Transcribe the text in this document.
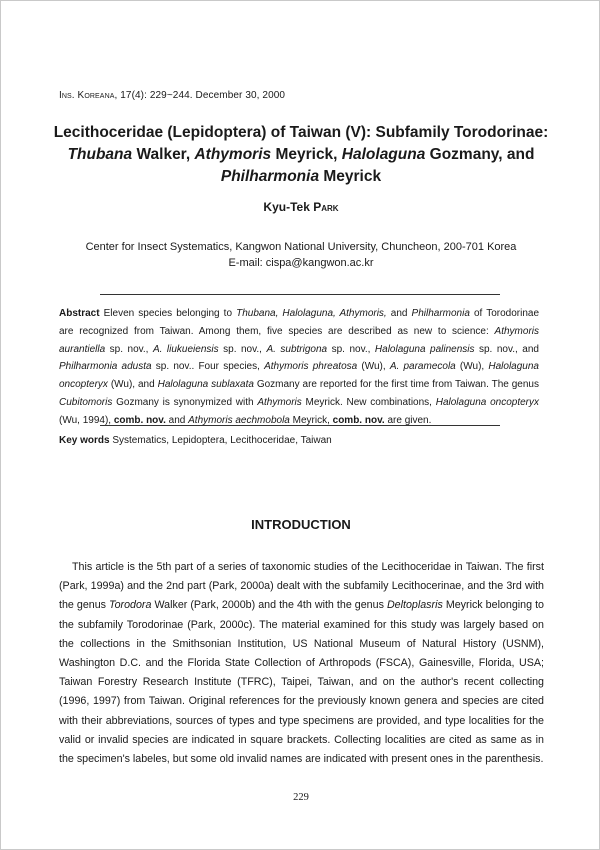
Ins. Koreana, 17(4): 229~244. December 30, 2000
Lecithoceridae (Lepidoptera) of Taiwan (V): Subfamily Torodorinae: Thubana Walker, Athymoris Meyrick, Halolaguna Gozmany, and Philharmonia Meyrick
Kyu-Tek Park
Center for Insect Systematics, Kangwon National University, Chuncheon, 200-701 Korea
E-mail: cispa@kangwon.ac.kr
Abstract Eleven species belonging to Thubana, Halolaguna, Athymoris, and Philharmonia of Torodorinae are recognized from Taiwan. Among them, five species are described as new to science: Athymoris aurantiella sp. nov., A. liukueiensis sp. nov., A. subtrigona sp. nov., Halolaguna palinensis sp. nov., and Philharmonia adusta sp. nov.. Four species, Athymoris phreatosa (Wu), A. paramecola (Wu), Halolaguna oncopteryx (Wu), and Halolaguna sublaxata Gozmany are reported for the first time from Taiwan. The genus Cubitomoris Gozmany is synonymized with Athymoris Meyrick. New combinations, Halolaguna oncopteryx (Wu, 1994), comb. nov. and Athymoris aechmobola Meyrick, comb. nov. are given.
Key words Systematics, Lepidoptera, Lecithoceridae, Taiwan
INTRODUCTION

This article is the 5th part of a series of taxonomic studies of the Lecithoceridae in Taiwan. The first (Park, 1999a) and the 2nd part (Park, 2000a) dealt with the subfamily Lecithocerinae, and the 3rd with the genus Torodora Walker (Park, 2000b) and the 4th with the genus Deltoplasris Meyrick belonging to the subfamily Torodorinae (Park, 2000c). The material examined for this study was largely based on the collections in the Smithsonian Institution, US National Museum of Natural History (USNM), Washington D.C. and the Florida State Collection of Arthropods (FSCA), Gainesville, Florida, USA; Taiwan Forestry Research Institute (TFRC), Taipei, Taiwan, and on the author's recent collecting (1996, 1997) from Taiwan. Original references for the previously known genera and species are cited with their abbreviations, sources of types and type specimens are provided, and type localities for the valid or invalid species are indicated in square brackets. Collecting localities are cited as same as in the specimen's labeles, but some old invalid names are indicated with present ones in the parenthesis.

229
